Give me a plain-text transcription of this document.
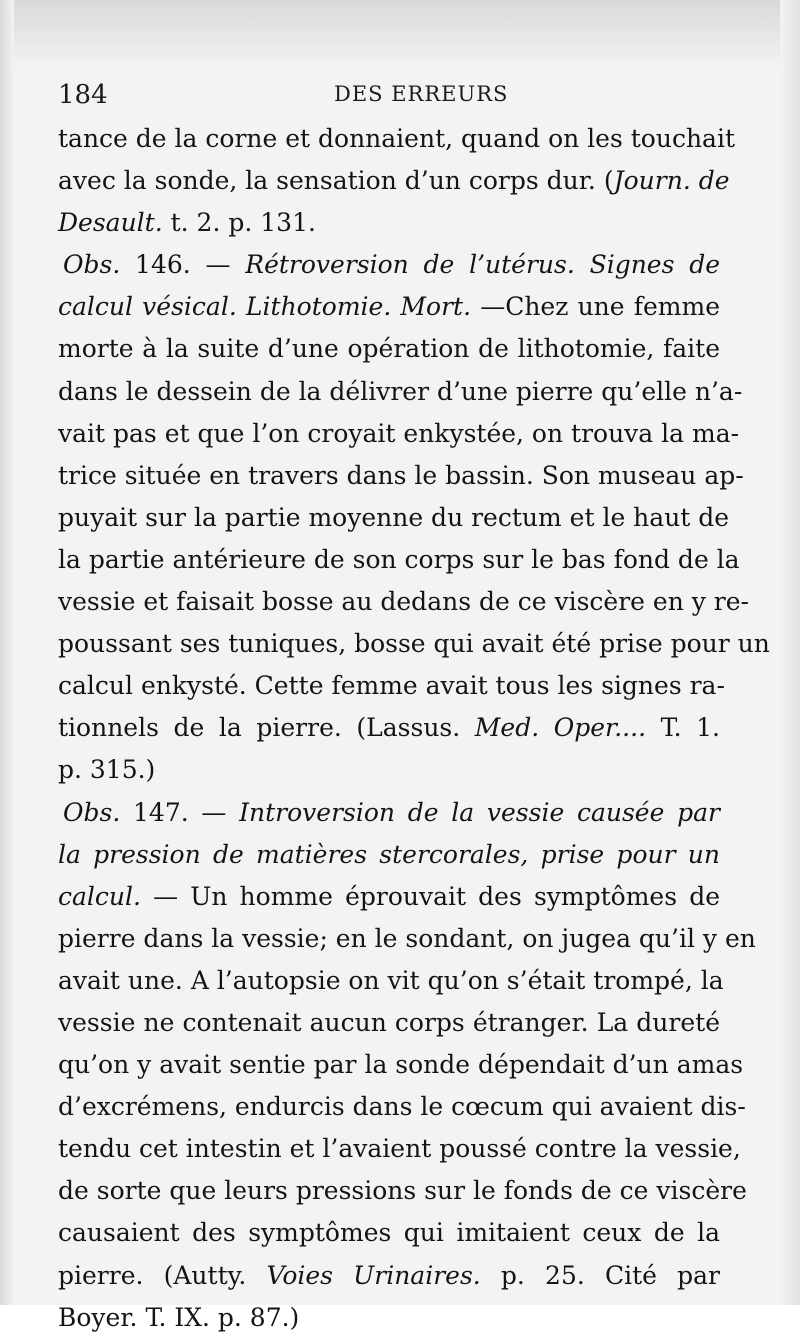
184	DES ERREURS
tance de la corne et donnaient, quand on les touchait
avec la sonde, la sensation d’un corps dur. (Journ. de
Desault. t. 2. p. 131.
Obs. 146. — Rétroversion de l’utérus. Signes de
calcul vésical. Lithotomie. Mort. —Chez une femme
morte à la suite d’une opération de lithotomie, faite
dans le dessein de la délivrer d’une pierre qu’elle n’a-
vait pas et que l’on croyait enkystée, on trouva la ma-
trice située en travers dans le bassin. Son museau ap-
puyait sur la partie moyenne du rectum et le haut de
la partie antérieure de son corps sur le bas fond de la
vessie et faisait bosse au dedans de ce viscère en y re-
poussant ses tuniques, bosse qui avait été prise pour un
calcul enkysté. Cette femme avait tous les signes ra-
tionnels de la pierre. (Lassus. Med. Oper.... T. 1.
p. 315.)
Obs. 147. — Introversion de la vessie causée par
la pression de matières stercorales, prise pour un
calcul. — Un homme éprouvait des symptômes de
pierre dans la vessie; en le sondant, on jugea qu’il y en
avait une. A l’autopsie on vit qu’on s’était trompé, la
vessie ne contenait aucun corps étranger. La dureté
qu’on y avait sentie par la sonde dépendait d’un amas
d’excrémens, endurcis dans le cœcum qui avaient dis-
tendu cet intestin et l’avaient poussé contre la vessie,
de sorte que leurs pressions sur le fonds de ce viscère
causaient des symptômes qui imitaient ceux de la
pierre. (Autty. Voies Urinaires. p. 25. Cité par
Boyer. T. IX. p. 87.)
